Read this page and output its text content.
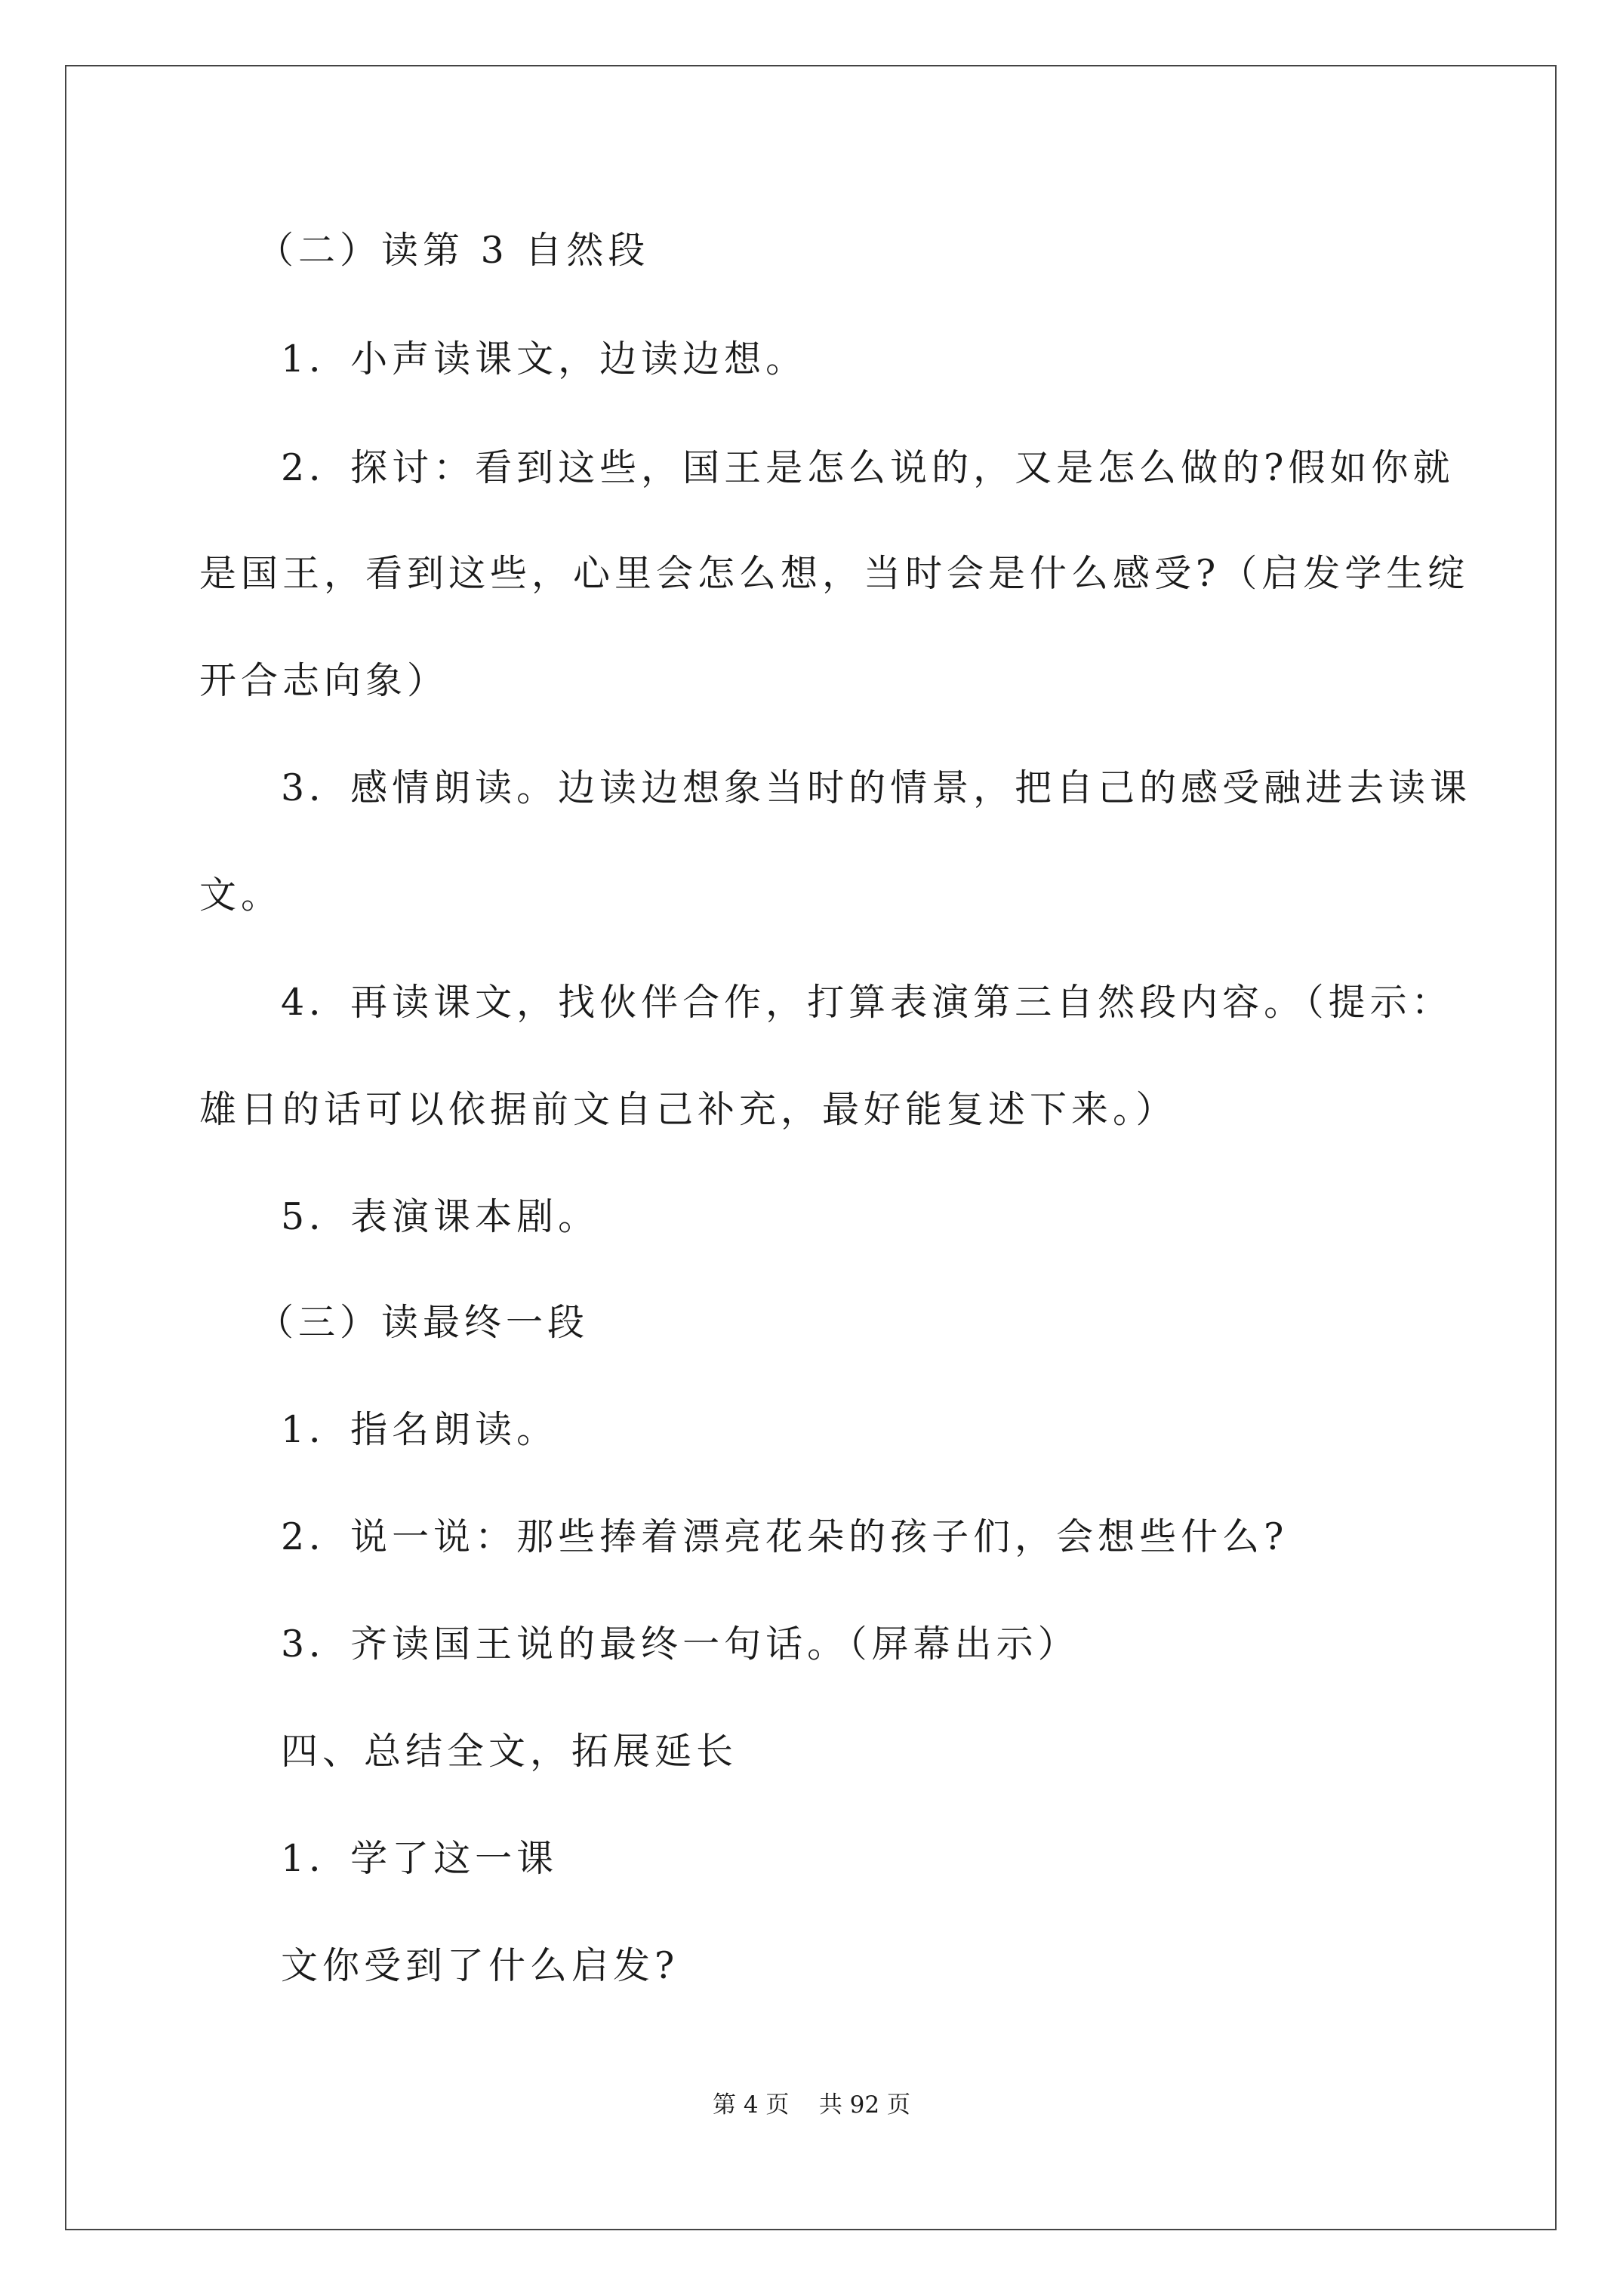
（二）读第 3 自然段
1．小声读课文，边读边想。
2．探讨：看到这些，国王是怎么说的，又是怎么做的?假如你就
是国王，看到这些，心里会怎么想，当时会是什么感受?（启发学生绽
开合志向象）
3．感情朗读。边读边想象当时的情景，把自己的感受融进去读课
文。
4．再读课文，找伙伴合作，打算表演第三自然段内容。（提示：
雄日的话可以依据前文自己补充，最好能复述下来。）
5．表演课本剧。
（三）读最终一段
1．指名朗读。
2．说一说：那些捧着漂亮花朵的孩子们，会想些什么?
3．齐读国王说的最终一句话。（屏幕出示）
四、总结全文，拓展延长
1．学了这一课
文你受到了什么启发?
第 4 页    共 92 页
